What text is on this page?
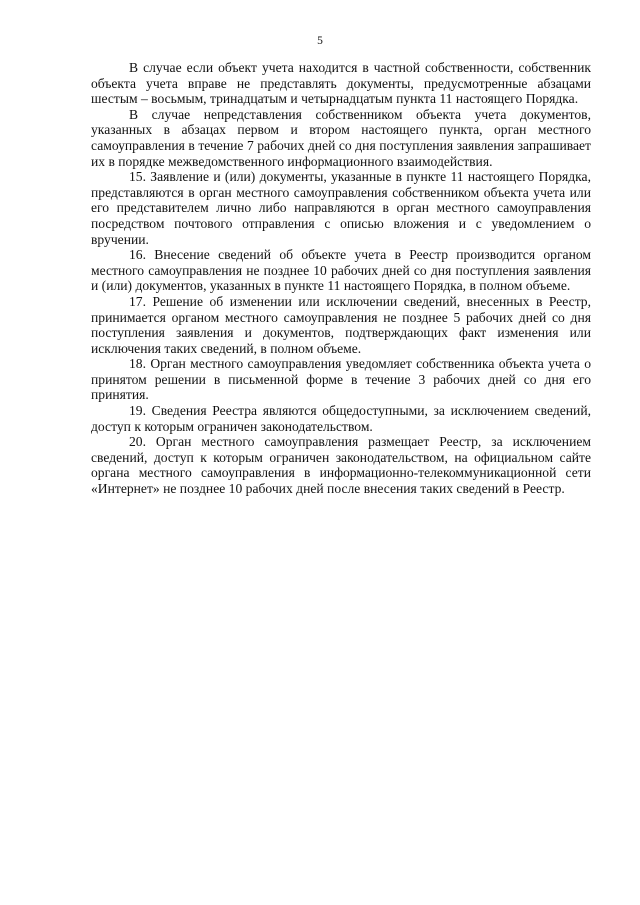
5

В случае если объект учета находится в частной собственности, собственник объекта учета вправе не представлять документы, предусмотренные абзацами шестым – восьмым, тринадцатым и четырнадцатым пункта 11 настоящего Порядка.

В случае непредставления собственником объекта учета документов, указанных в абзацах первом и втором настоящего пункта, орган местного самоуправления в течение 7 рабочих дней со дня поступления заявления запрашивает их в порядке межведомственного информационного взаимодействия.

15. Заявление и (или) документы, указанные в пункте 11 настоящего Порядка, представляются в орган местного самоуправления собственником объекта учета или его представителем лично либо направляются в орган местного самоуправления посредством почтового отправления с описью вложения и с уведомлением о вручении.

16. Внесение сведений об объекте учета в Реестр производится органом местного самоуправления не позднее 10 рабочих дней со дня поступления заявления и (или) документов, указанных в пункте 11 настоящего Порядка, в полном объеме.

17. Решение об изменении или исключении сведений, внесенных в Реестр, принимается органом местного самоуправления не позднее 5 рабочих дней со дня поступления заявления и документов, подтверждающих факт изменения или исключения таких сведений, в полном объеме.

18. Орган местного самоуправления уведомляет собственника объекта учета о принятом решении в письменной форме в течение 3 рабочих дней со дня его принятия.

19. Сведения Реестра являются общедоступными, за исключением сведений, доступ к которым ограничен законодательством.

20. Орган местного самоуправления размещает Реестр, за исключением сведений, доступ к которым ограничен законодательством, на официальном сайте органа местного самоуправления в информационно-телекоммуникационной сети «Интернет» не позднее 10 рабочих дней после внесения таких сведений в Реестр.
